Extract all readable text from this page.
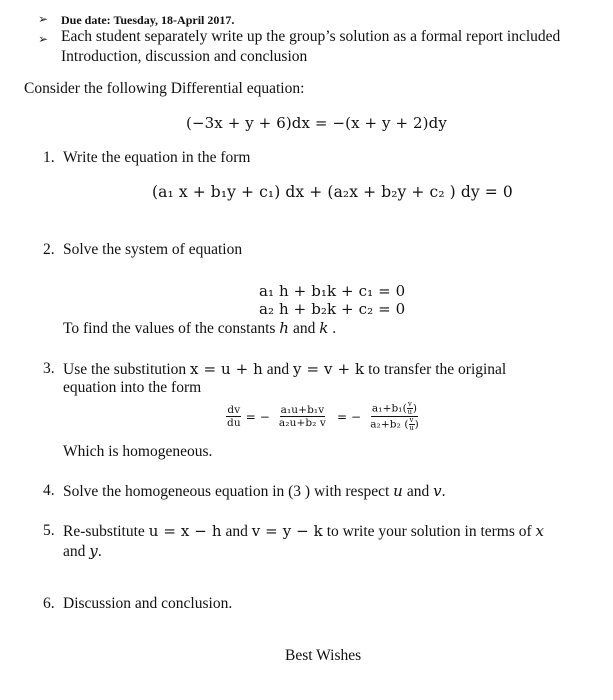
➢ Due date: Tuesday, 18-April 2017.
➢ Each student separately write up the group’s solution as a formal report included
Introduction, discussion and conclusion
Consider the following Differential equation:
(−3x + y + 6)dx = −(x + y + 2)dy
1. Write the equation in the form
(a₁ x + b₁y + c₁) dx + (a₂x + b₂y + c₂ ) dy = 0
2. Solve the system of equation
a₁ h + b₁k + c₁ = 0
a₂ h + b₂k + c₂ = 0
To find the values of the constants h and k .
3. Use the substitution x = u + h and y = v + k to transfer the original
equation into the form
$\frac{dv}{du}$ = − $\frac{\text{a₁u+b₁v}}{\text{a₂u+b₂ v}}$ = − $\frac{a_1+b_1( \frac{v}{u} )}{a_2+b_2 ( \frac{v}{u} )}$
Which is homogeneous.
4. Solve the homogeneous equation in (3 ) with respect u and v.
5. Re-substitute u = x − h and v = y − k to write your solution in terms of x
and y.
6. Discussion and conclusion.
Best Wishes
